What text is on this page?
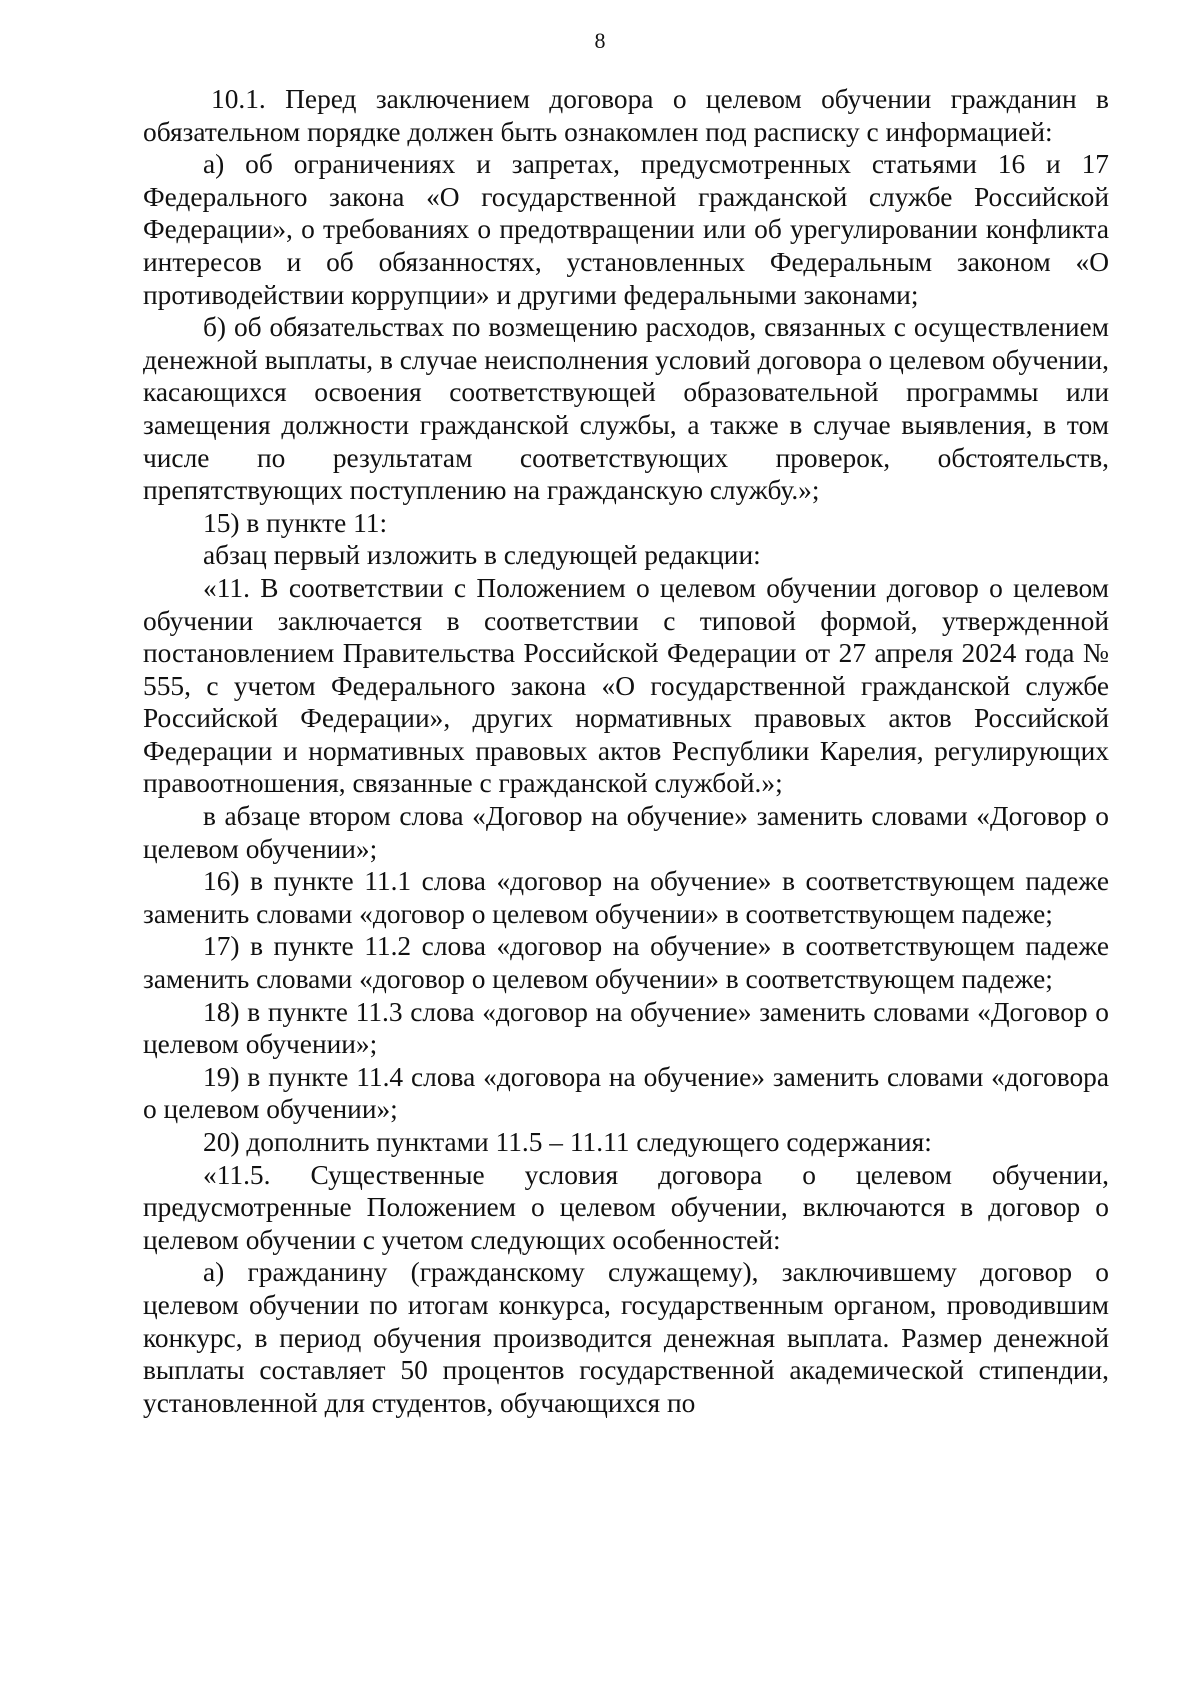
8

10.1. Перед заключением договора о целевом обучении гражданин в обязательном порядке должен быть ознакомлен под расписку с информацией:

а) об ограничениях и запретах, предусмотренных статьями 16 и 17 Федерального закона «О государственной гражданской службе Российской Федерации», о требованиях о предотвращении или об урегулировании конфликта интересов и об обязанностях, установленных Федеральным законом «О противодействии коррупции» и другими федеральными законами;

б) об обязательствах по возмещению расходов, связанных с осуществлением денежной выплаты, в случае неисполнения условий договора о целевом обучении, касающихся освоения соответствующей образовательной программы или замещения должности гражданской службы, а также в случае выявления, в том числе по результатам соответствующих проверок, обстоятельств, препятствующих поступлению на гражданскую службу.»;

15) в пункте 11:

абзац первый изложить в следующей редакции:

«11. В соответствии с Положением о целевом обучении договор о целевом обучении заключается в соответствии с типовой формой, утвержденной постановлением Правительства Российской Федерации от 27 апреля 2024 года № 555, с учетом Федерального закона «О государственной гражданской службе Российской Федерации», других нормативных правовых актов Российской Федерации и нормативных правовых актов Республики Карелия, регулирующих правоотношения, связанные с гражданской службой.»;

в абзаце втором слова «Договор на обучение» заменить словами «Договор о целевом обучении»;

16) в пункте 11.1 слова «договор на обучение» в соответствующем падеже заменить словами «договор о целевом обучении» в соответствующем падеже;

17) в пункте 11.2 слова «договор на обучение» в соответствующем падеже заменить словами «договор о целевом обучении» в соответствующем падеже;

18) в пункте 11.3 слова «договор на обучение» заменить словами «Договор о целевом обучении»;

19) в пункте 11.4 слова «договора на обучение» заменить словами «договора о целевом обучении»;

20) дополнить пунктами 11.5 – 11.11 следующего содержания:

«11.5. Существенные условия договора о целевом обучении, предусмотренные Положением о целевом обучении, включаются в договор о целевом обучении с учетом следующих особенностей:

а) гражданину (гражданскому служащему), заключившему договор о целевом обучении по итогам конкурса, государственным органом, проводившим конкурс, в период обучения производится денежная выплата. Размер денежной выплаты составляет 50 процентов государственной академической стипендии, установленной для студентов, обучающихся по
